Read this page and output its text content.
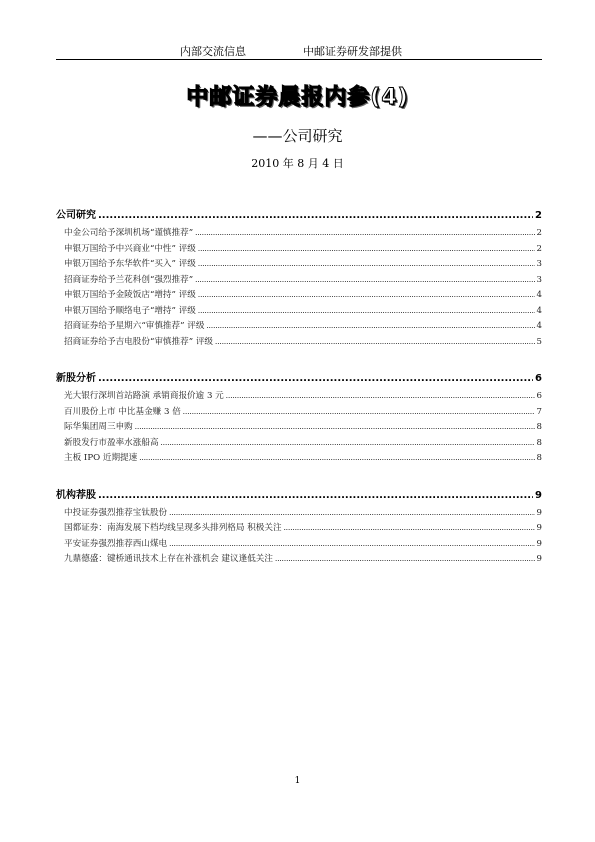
内部交流信息	中邮证券研发部提供
中邮证券晨报内参(4)
——公司研究
2010 年 8 月 4 日
公司研究 .....	2
中金公司给予深圳机场“谨慎推荐” .....	2
申银万国给予中兴商业“中性” 评级 .....	2
申银万国给予东华软件“买入” 评级 .....	3
招商证券给予兰花科创“强烈推荐” .....	3
申银万国给予金陵饭店“增持” 评级 .....	4
申银万国给予顺络电子“增持” 评级 .....	4
招商证券给予星期六“审慎推荐” 评级 .....	4
招商证券给予吉电股份“审慎推荐” 评级 .....	5
新股分析 .....	6
光大银行深圳首站路演 承销商报价逾 3 元 .....	6
百川股份上市 中比基金赚 3 倍 .....	7
际华集团周三申购 .....	8
新股发行市盈率水涨船高 .....	8
主板 IPO 近期提速 .....	8
机构荐股 .....	9
中投证券强烈推荐宝钛股份 .....	9
国都证券：南海发展下档均线呈现多头排列格局 积极关注 .....	9
平安证券强烈推荐西山煤电 .....	9
九鼎德盛：键桥通讯技术上存在补涨机会 建议逢低关注 .....	9
1
